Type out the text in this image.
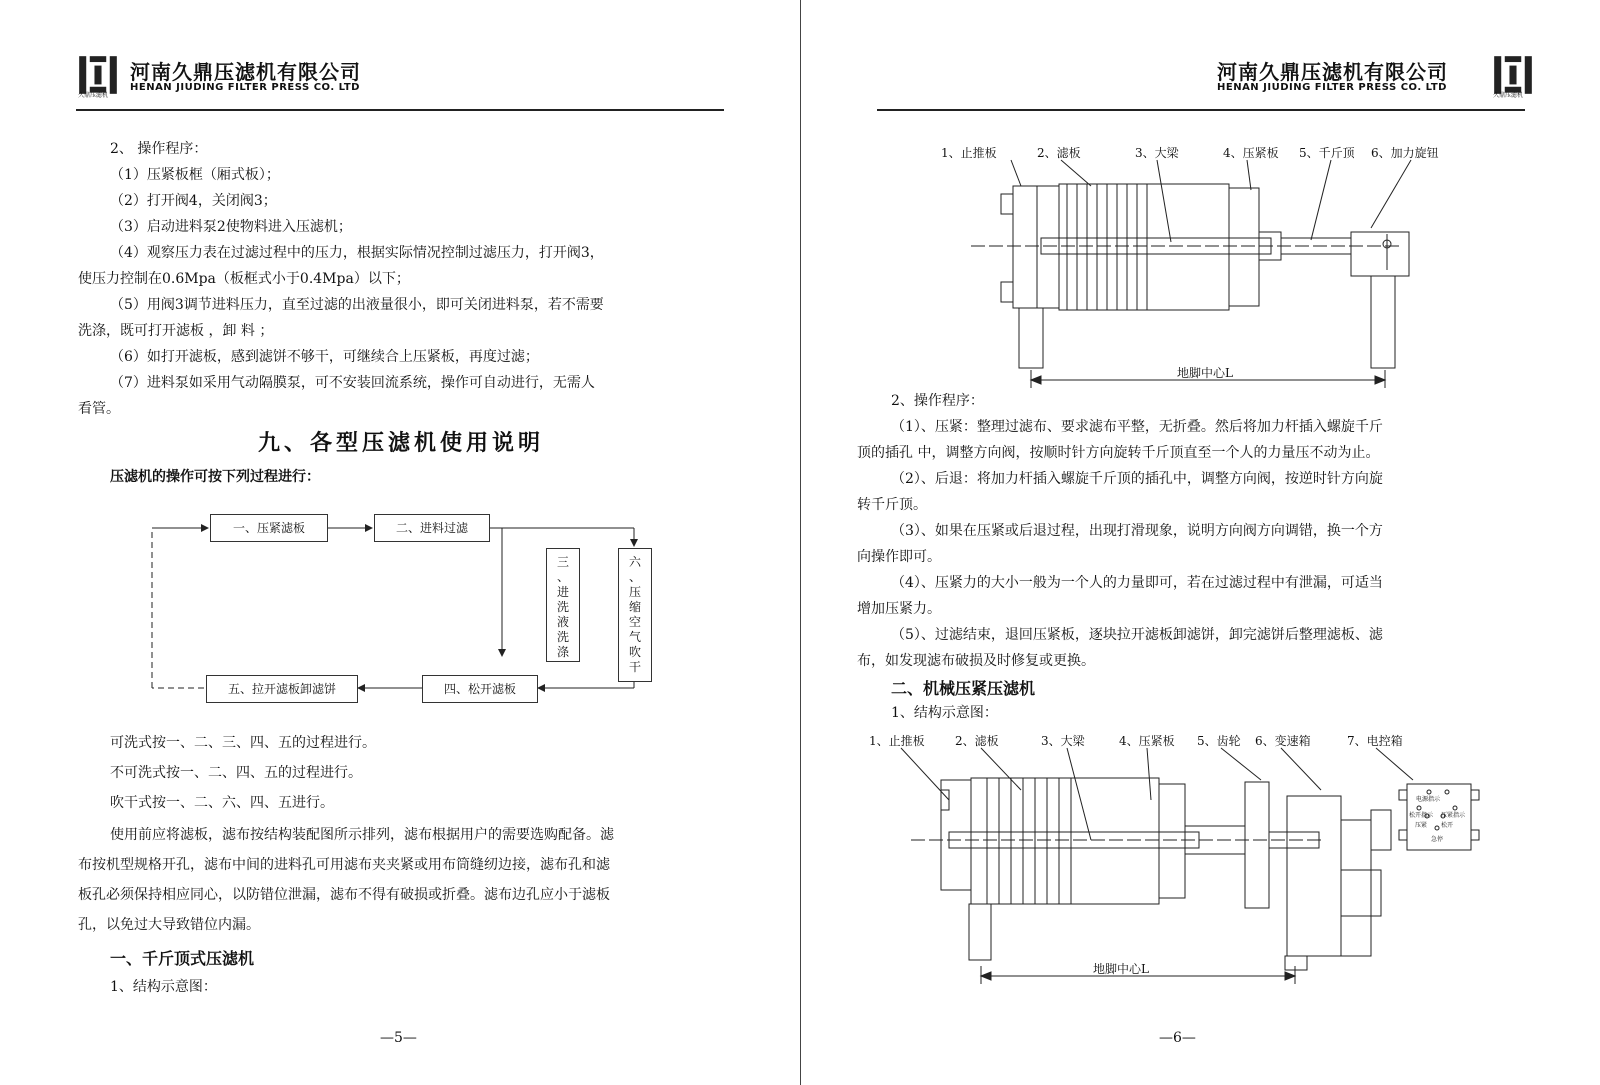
久鼎压滤机
河南久鼎压滤机有限公司
HENAN JIUDING FILTER PRESS CO. LTD
2、 操作程序：
（1）压紧板框（厢式板）；
（2）打开阀4，关闭阀3；
（3）启动进料泵2使物料进入压滤机；
（4）观察压力表在过滤过程中的压力，根据实际情况控制过滤压力，打开阀3，
使压力控制在0.6Mpa（板框式小于0.4Mpa）以下；
（5）用阀3调节进料压力，直至过滤的出液量很小，即可关闭进料泵，若不需要
洗涤，既可打开滤板 ，卸 料 ；
（6）如打开滤板，感到滤饼不够干，可继续合上压紧板，再度过滤；
（7）进料泵如采用气动隔膜泵，可不安装回流系统，操作可自动进行，无需人
看管。
九、各型压滤机使用说明
压滤机的操作可按下列过程进行：
一、压紧滤板	二、进料过滤
三
、
进
洗
液
洗
涤
六
、
压
缩
空
气
吹
干
四、松开滤板
五、拉开滤板卸滤饼
可洗式按一、二、三、四、五的过程进行。
不可洗式按一、二、四、五的过程进行。
吹干式按一、二、六、四、五进行。
使用前应将滤板，滤布按结构装配图所示排列，滤布根据用户的需要选购配备。滤
布按机型规格开孔，滤布中间的进料孔可用滤布夹夹紧或用布筒缝纫边接，滤布孔和滤
板孔必须保持相应同心，以防错位泄漏，滤布不得有破损或折叠。滤布边孔应小于滤板
孔，以免过大导致错位内漏。
一、千斤顶式压滤机
1、结构示意图：
—5—
河南久鼎压滤机有限公司
HENAN JIUDING FILTER PRESS CO. LTD
久鼎压滤机
1、止推板	2、滤板	3、大梁	4、压紧板 5、千斤顶 6、加力旋钮
地脚中心L
2、操作程序：
（1）、压紧：整理过滤布、要求滤布平整，无折叠。然后将加力杆插入螺旋千斤
顶的插孔 中，调整方向阀，按顺时针方向旋转千斤顶直至一个人的力量压不动为止。
（2）、后退：将加力杆插入螺旋千斤顶的插孔中，调整方向阀，按逆时针方向旋
转千斤顶。
（3）、如果在压紧或后退过程，出现打滑现象，说明方向阀方向调错，换一个方
向操作即可。
（4）、压紧力的大小一般为一个人的力量即可，若在过滤过程中有泄漏，可适当
增加压紧力。
（5）、过滤结束，退回压紧板，逐块拉开滤板卸滤饼，卸完滤饼后整理滤板、滤
布，如发现滤布破损及时修复或更换。
二、机械压紧压滤机
1、结构示意图：
1、止推板	2、滤板	3、大梁	4、压紧板 5、齿轮 6、变速箱	7、电控箱
电源指示
松开指示 压紧指示
压紧 松开
急停
地脚中心L
—6—
